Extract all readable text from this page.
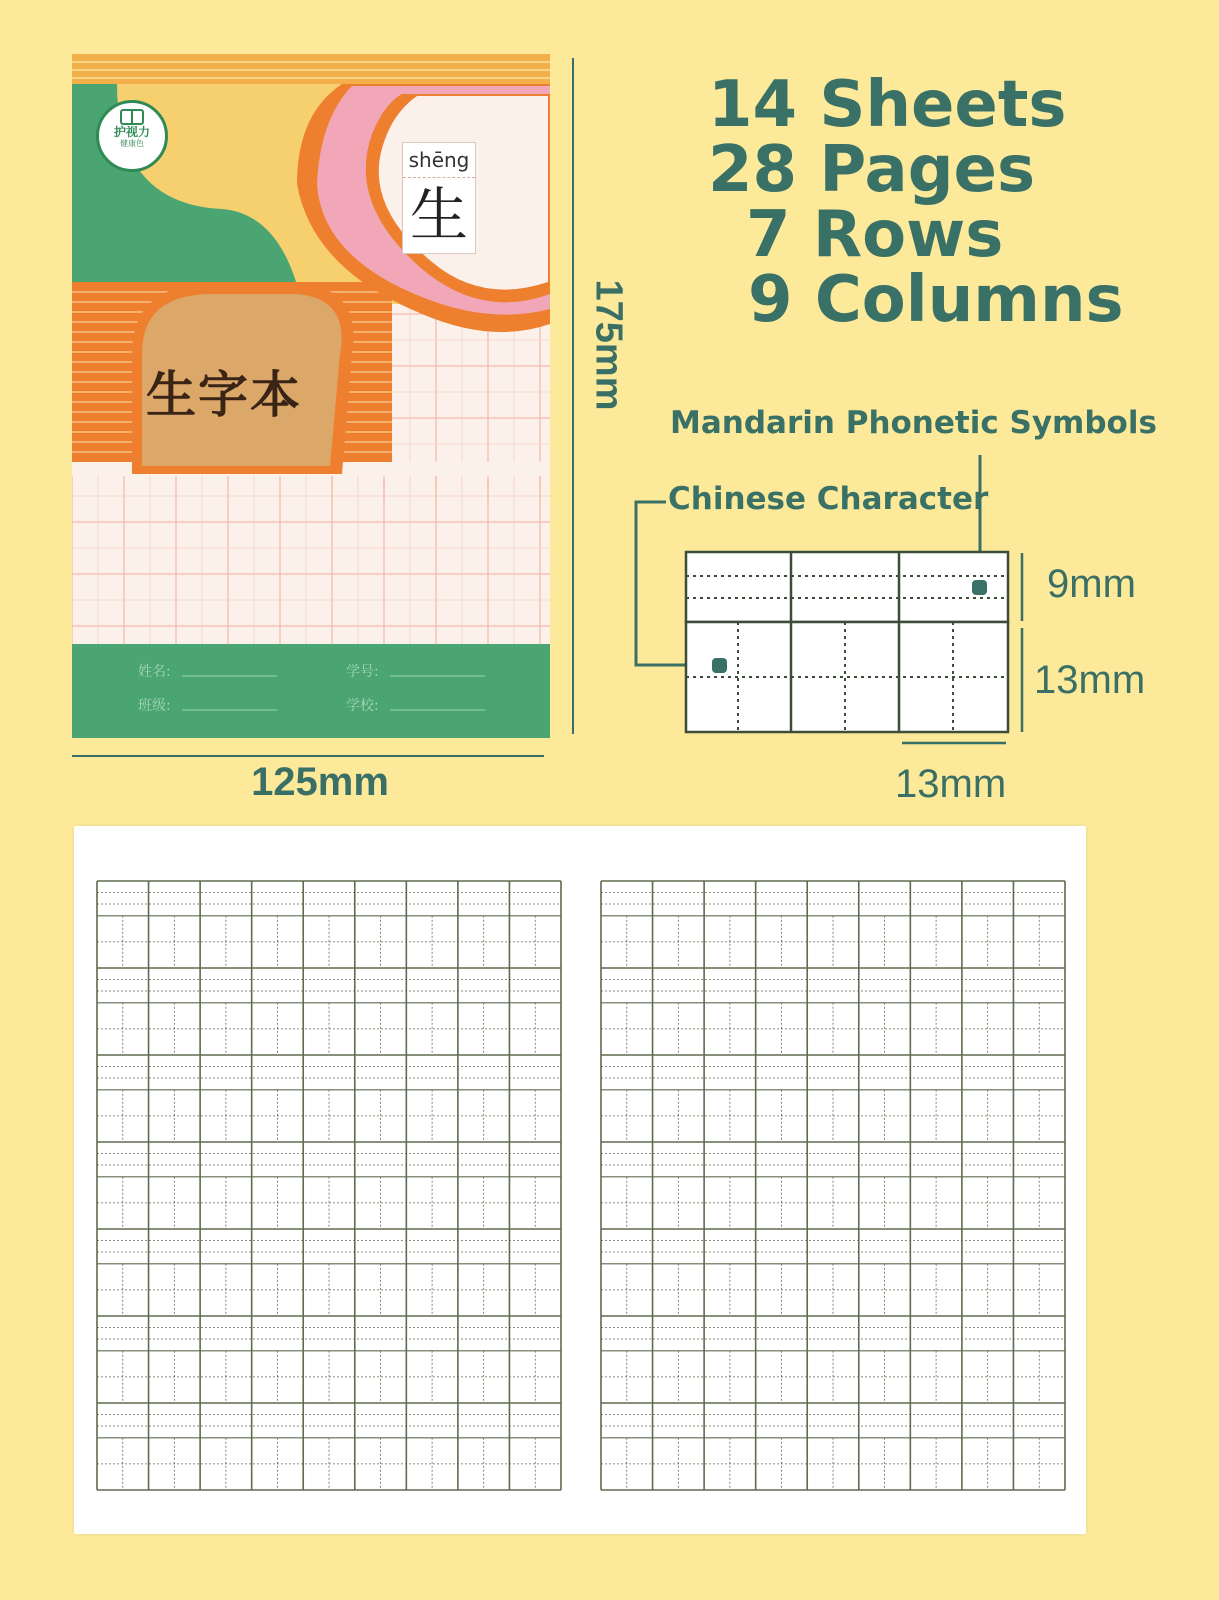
护视力
健康色
shēng
生
生字本
姓名:	学号:
班级:	学校:
175mm
125mm
14 Sheets
28 Pages
7 Rows
9 Columns
Mandarin Phonetic Symbols
Chinese Character
9mm
13mm
13mm
